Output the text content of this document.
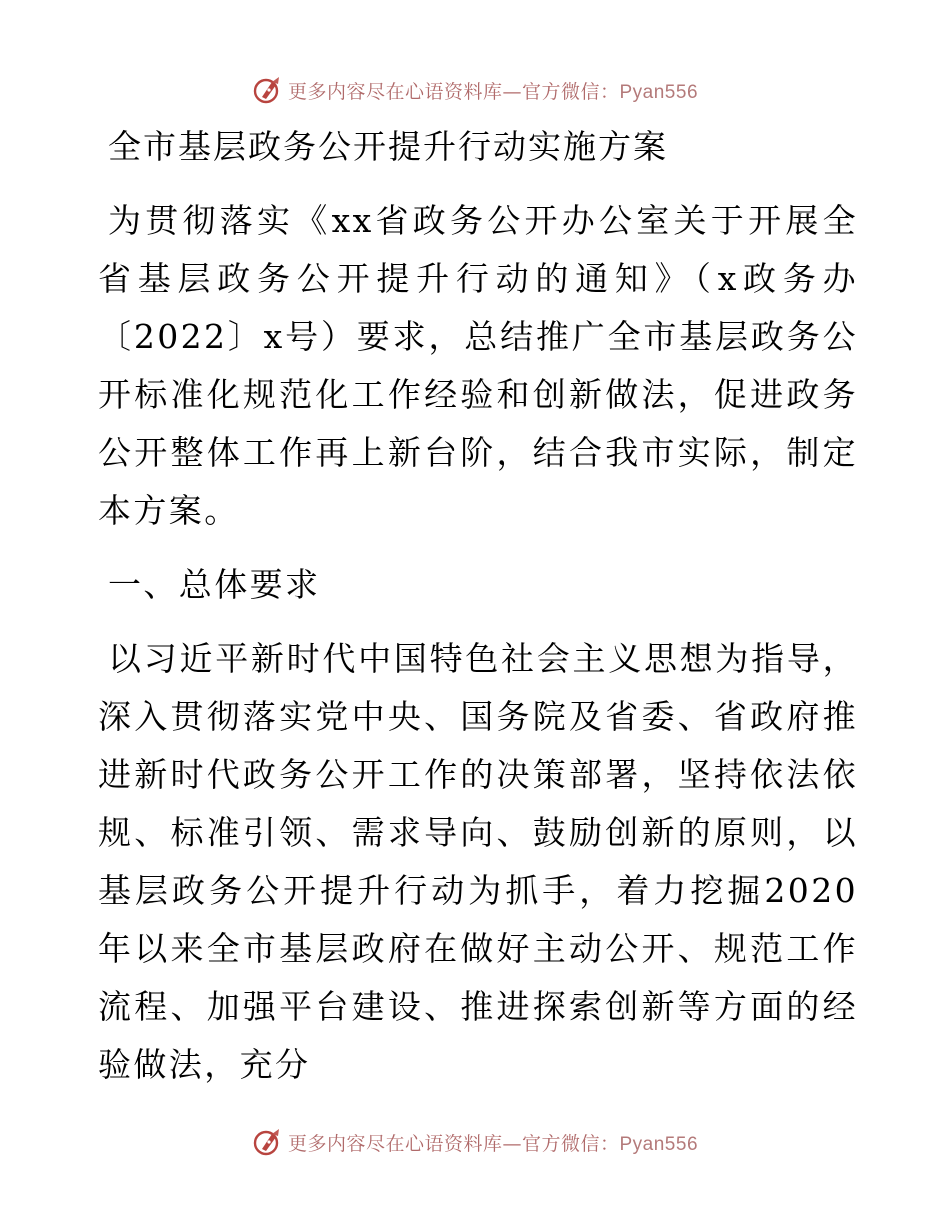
更多内容尽在心语资料库—官方微信：Pyan556
全市基层政务公开提升行动实施方案

为贯彻落实《xx省政务公开办公室关于开展全省基层政务公开提升行动的通知》（x政务办〔2022〕x号）要求，总结推广全市基层政务公开标准化规范化工作经验和创新做法，促进政务公开整体工作再上新台阶，结合我市实际，制定本方案。

一、总体要求

以习近平新时代中国特色社会主义思想为指导，深入贯彻落实党中央、国务院及省委、省政府推进新时代政务公开工作的决策部署，坚持依法依规、标准引领、需求导向、鼓励创新的原则，以基层政务公开提升行动为抓手，着力挖掘2020年以来全市基层政府在做好主动公开、规范工作流程、加强平台建设、推进探索创新等方面的经验做法，充分

更多内容尽在心语资料库—官方微信：Pyan556
